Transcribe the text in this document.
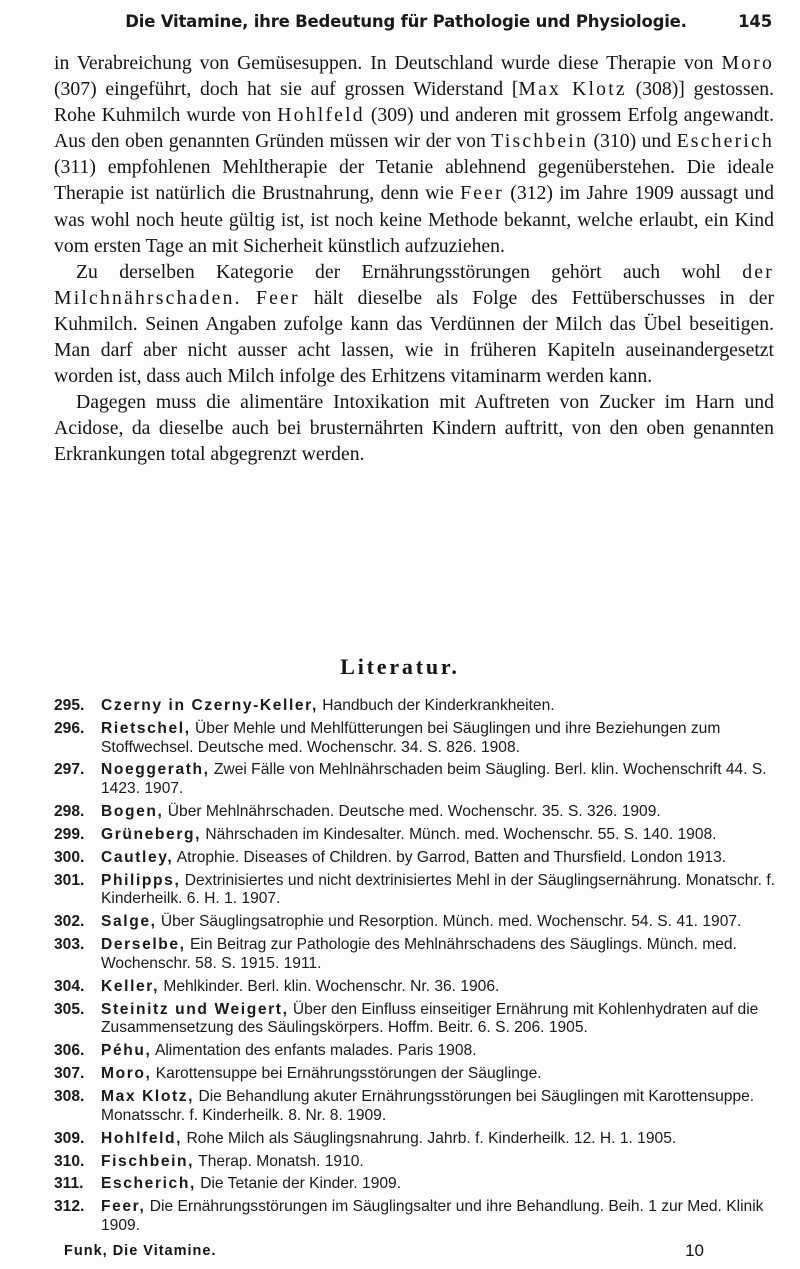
Die Vitamine, ihre Bedeutung für Pathologie und Physiologie.	145

in Verabreichung von Gemüsesuppen. In Deutschland wurde diese Therapie von Moro (307) eingeführt, doch hat sie auf grossen Widerstand [Max Klotz (308)] gestossen. Rohe Kuhmilch wurde von Hohlfeld (309) und anderen mit grossem Erfolg angewandt. Aus den oben genannten Gründen müssen wir der von Tischbein (310) und Escherich (311) empfohlenen Mehltherapie der Tetanie ablehnend gegenüberstehen. Die ideale Therapie ist natürlich die Brustnahrung, denn wie Feer (312) im Jahre 1909 aussagt und was wohl noch heute gültig ist, ist noch keine Methode bekannt, welche erlaubt, ein Kind vom ersten Tage an mit Sicherheit künstlich aufzuziehen.

Zu derselben Kategorie der Ernährungsstörungen gehört auch wohl der Milchnährschaden. Feer hält dieselbe als Folge des Fettüberschusses in der Kuhmilch. Seinen Angaben zufolge kann das Verdünnen der Milch das Übel beseitigen. Man darf aber nicht ausser acht lassen, wie in früheren Kapiteln auseinandergesetzt worden ist, dass auch Milch infolge des Erhitzens vitaminarm werden kann.

Dagegen muss die alimentäre Intoxikation mit Auftreten von Zucker im Harn und Acidose, da dieselbe auch bei brusternährten Kindern auftritt, von den oben genannten Erkrankungen total abgegrenzt werden.

Literatur.
295. Czerny in Czerny-Keller, Handbuch der Kinderkrankheiten.
296. Rietschel, Über Mehle und Mehlfütterungen bei Säuglingen und ihre Beziehungen zum Stoffwechsel. Deutsche med. Wochenschr. 34. S. 826. 1908.
297. Noeggerath, Zwei Fälle von Mehlnährschaden beim Säugling. Berl. klin. Wochenschrift 44. S. 1423. 1907.
298. Bogen, Über Mehlnährschaden. Deutsche med. Wochenschr. 35. S. 326. 1909.
299. Grüneberg, Nährschaden im Kindesalter. Münch. med. Wochenschr. 55. S. 140. 1908.
300. Cautley, Atrophie. Diseases of Children. by Garrod, Batten and Thursfield. London 1913.
301. Philipps, Dextrinisiertes und nicht dextrinisiertes Mehl in der Säuglingsernährung. Monatschr. f. Kinderheilk. 6. H. 1. 1907.
302. Salge, Über Säuglingsatrophie und Resorption. Münch. med. Wochenschr. 54. S. 41. 1907.
303. Derselbe, Ein Beitrag zur Pathologie des Mehlnährschadens des Säuglings. Münch. med. Wochenschr. 58. S. 1915. 1911.
304. Keller, Mehlkinder. Berl. klin. Wochenschr. Nr. 36. 1906.
305. Steinitz und Weigert, Über den Einfluss einseitiger Ernährung mit Kohlenhydraten auf die Zusammensetzung des Säulingskörpers. Hoffm. Beitr. 6. S. 206. 1905.
306. Péhu, Alimentation des enfants malades. Paris 1908.
307. Moro, Karottensuppe bei Ernährungsstörungen der Säuglinge.
308. Max Klotz, Die Behandlung akuter Ernährungsstörungen bei Säuglingen mit Karottensuppe. Monatsschr. f. Kinderheilk. 8. Nr. 8. 1909.
309. Hohlfeld, Rohe Milch als Säuglingsnahrung. Jahrb. f. Kinderheilk. 12. H. 1. 1905.
310. Fischbein, Therap. Monatsh. 1910.
311. Escherich, Die Tetanie der Kinder. 1909.
312. Feer, Die Ernährungsstörungen im Säuglingsalter und ihre Behandlung. Beih. 1 zur Med. Klinik 1909.
Funk, Die Vitamine.	10
